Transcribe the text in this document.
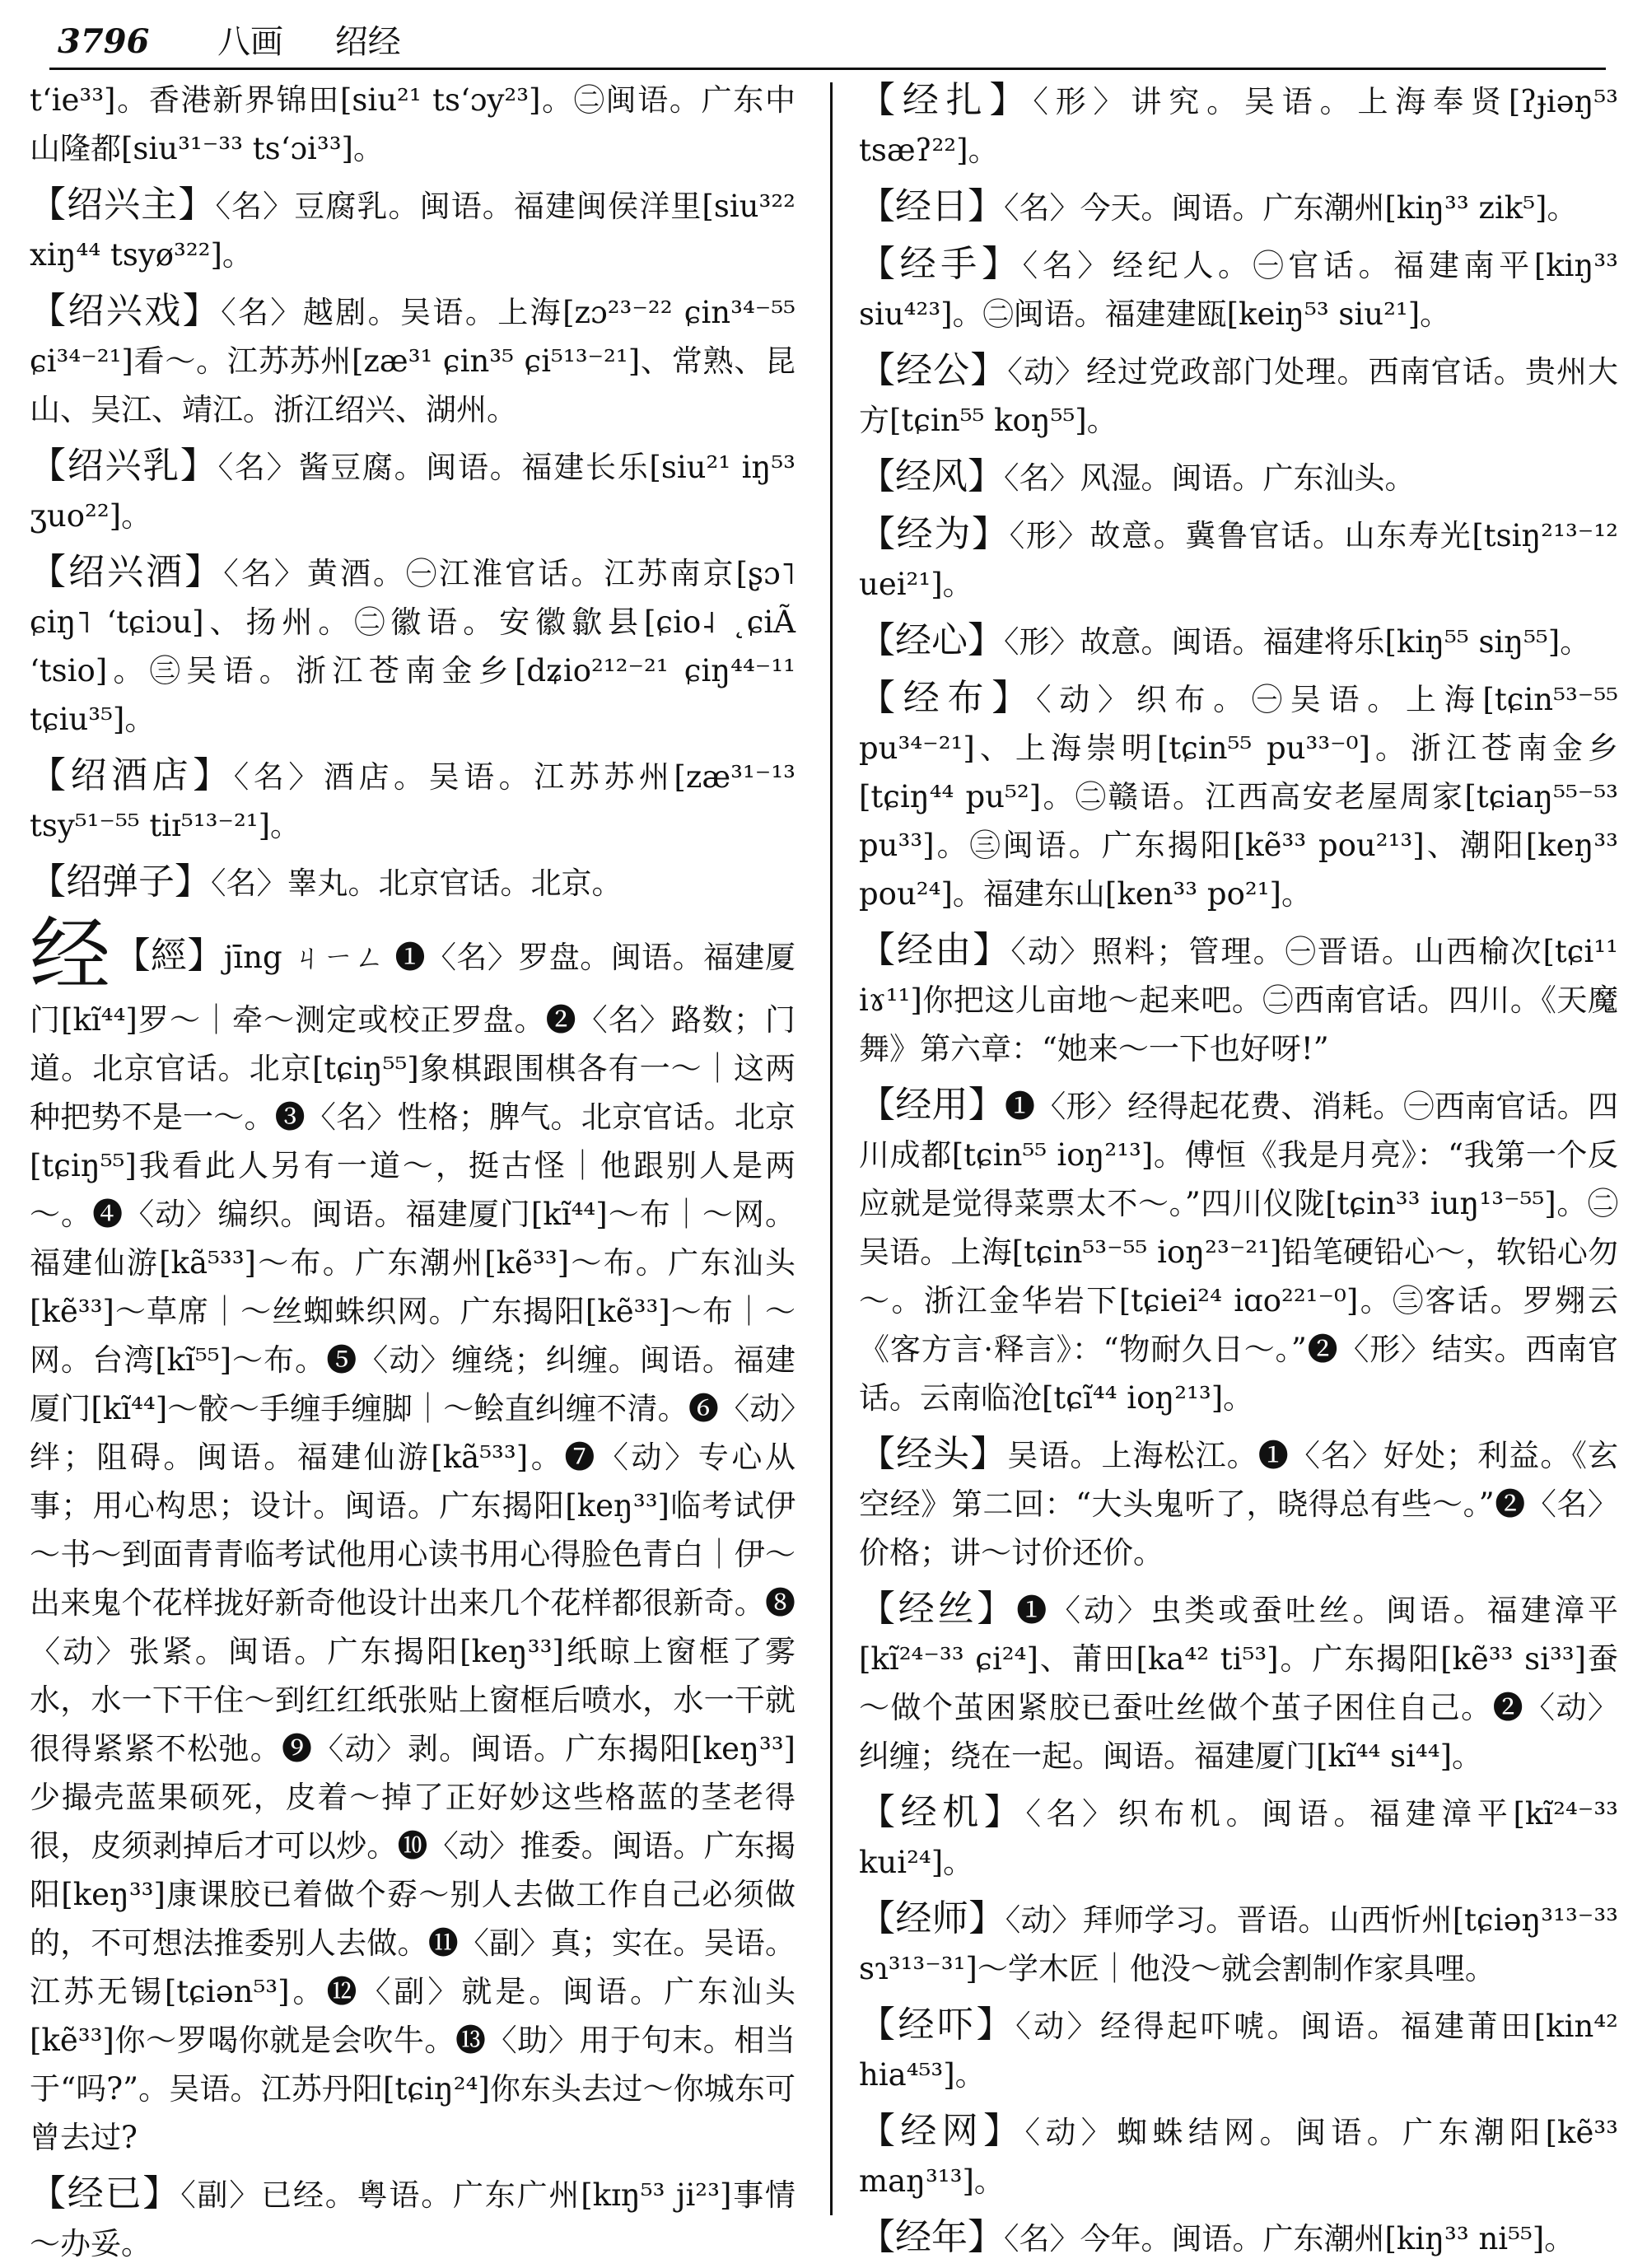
3796 八画 绍经
tʻie³³]。香港新界锦田[siu²¹ tsʻɔy²³]。㊁闽语。广东中山隆都[siu³¹⁻³³ tsʻɔi³³]。
【绍兴主】〈名〉豆腐乳。闽语。福建闽侯洋里[siu³²² xiŋ⁴⁴ tsyø³²²]。
【绍兴戏】〈名〉越剧。吴语。上海[zɔ²³⁻²² ɕin³⁴⁻⁵⁵ ɕi³⁴⁻²¹]看～。江苏苏州[zæ³¹ ɕin³⁵ ɕi⁵¹³⁻²¹]、常熟、昆山、吴江、靖江。浙江绍兴、湖州。
【绍兴乳】〈名〉酱豆腐。闽语。福建长乐[siu²¹ iŋ⁵³ ʒuo²²]。
【绍兴酒】〈名〉黄酒。㊀江淮官话。江苏南京[ʂɔ˥ ɕiŋ˥ ʻtɕiɔu]、扬州。㊁徽语。安徽歙县[ɕio˨ ˛ɕiÃ ʻtsio]。㊂吴语。浙江苍南金乡[dʑio²¹²⁻²¹ ɕiŋ⁴⁴⁻¹¹ tɕiu³⁵]。
【绍酒店】〈名〉酒店。吴语。江苏苏州[zæ³¹⁻¹³ tsy⁵¹⁻⁵⁵ tiɪ⁵¹³⁻²¹]。
【绍弹子】〈名〉睾丸。北京官话。北京。
经【經】jīng ㄐㄧㄥ ❶〈名〉罗盘。闽语。福建厦门[kĩ⁴⁴]罗～｜牵～测定或校正罗盘。❷〈名〉路数；门道。北京官话。北京[tɕiŋ⁵⁵]象棋跟围棋各有一～｜这两种把势不是一～。❸〈名〉性格；脾气。北京官话。北京[tɕiŋ⁵⁵]我看此人另有一道～，挺古怪｜他跟别人是两～。❹〈动〉编织。闽语。福建厦门[kĩ⁴⁴]～布｜～网。福建仙游[kã⁵³³]～布。广东潮州[kẽ³³]～布。广东汕头[kẽ³³]～草席｜～丝蜘蛛织网。广东揭阳[kẽ³³]～布｜～网。台湾[kĩ⁵⁵]～布。❺〈动〉缠绕；纠缠。闽语。福建厦门[kĩ⁴⁴]～骹～手缠手缠脚｜～鲙直纠缠不清。❻〈动〉绊；阻碍。闽语。福建仙游[kã⁵³³]。❼〈动〉专心从事；用心构思；设计。闽语。广东揭阳[keŋ³³]临考试伊～书～到面青青临考试他用心读书用心得脸色青白｜伊～出来鬼个花样拢好新奇他设计出来几个花样都很新奇。❽〈动〉张紧。闽语。广东揭阳[keŋ³³]纸晾上窗框了雾水，水一下干住～到红红纸张贴上窗框后喷水，水一干就很得紧紧不松弛。❾〈动〉剥。闽语。广东揭阳[keŋ³³]少撮壳蓝果硕死，皮着～掉了正好妙这些格蓝的茎老得很，皮须剥掉后才可以炒。❿〈动〉推委。闽语。广东揭阳[keŋ³³]康课胶已着做个孬～别人去做工作自己必须做的，不可想法推委别人去做。⓫〈副〉真；实在。吴语。江苏无锡[tɕiən⁵³]。⓬〈副〉就是。闽语。广东汕头[kẽ³³]你～罗喝你就是会吹牛。⓭〈助〉用于句末。相当于“吗?”。吴语。江苏丹阳[tɕiŋ²⁴]你东头去过～你城东可曾去过?
【经已】〈副〉已经。粤语。广东广州[kɪŋ⁵³ ji²³]事情～办妥。
【经扎】〈形〉讲究。吴语。上海奉贤[ʔɟiəŋ⁵³ tsæʔ²²]。
【经日】〈名〉今天。闽语。广东潮州[kiŋ³³ zik⁵]。
【经手】〈名〉经纪人。㊀官话。福建南平[kiŋ³³ siu⁴²³]。㊁闽语。福建建瓯[keiŋ⁵³ siu²¹]。
【经公】〈动〉经过党政部门处理。西南官话。贵州大方[tɕin⁵⁵ koŋ⁵⁵]。
【经风】〈名〉风湿。闽语。广东汕头。
【经为】〈形〉故意。冀鲁官话。山东寿光[tsiŋ²¹³⁻¹² uei²¹]。
【经心】〈形〉故意。闽语。福建将乐[kiŋ⁵⁵ siŋ⁵⁵]。
【经布】〈动〉织布。㊀吴语。上海[tɕin⁵³⁻⁵⁵ pu³⁴⁻²¹]、上海崇明[tɕin⁵⁵ pu³³⁻⁰]。浙江苍南金乡[tɕiŋ⁴⁴ pu⁵²]。㊁赣语。江西高安老屋周家[tɕiaŋ⁵⁵⁻⁵³ pu³³]。㊂闽语。广东揭阳[kẽ³³ pou²¹³]、潮阳[keŋ³³ pou²⁴]。福建东山[ken³³ po²¹]。
【经由】〈动〉照料；管理。㊀晋语。山西榆次[tɕi¹¹ iɤ¹¹]你把这儿亩地～起来吧。㊁西南官话。四川。《天魔舞》第六章：“她来～一下也好呀!”
【经用】❶〈形〉经得起花费、消耗。㊀西南官话。四川成都[tɕin⁵⁵ ioŋ²¹³]。傅恒《我是月亮》：“我第一个反应就是觉得菜票太不～。”四川仪陇[tɕin³³ iuŋ¹³⁻⁵⁵]。㊁吴语。上海[tɕin⁵³⁻⁵⁵ ioŋ²³⁻²¹]铅笔硬铅心～，软铅心勿～。浙江金华岩下[tɕiei²⁴ iɑo²²¹⁻⁰]。㊂客话。罗翙云《客方言·释言》：“物耐久日～。”❷〈形〉结实。西南官话。云南临沧[tɕĩ⁴⁴ ioŋ²¹³]。
【经头】吴语。上海松江。❶〈名〉好处；利益。《玄空经》第二回：“大头鬼听了，晓得总有些～。”❷〈名〉价格；讲～讨价还价。
【经丝】❶〈动〉虫类或蚕吐丝。闽语。福建漳平[kĩ²⁴⁻³³ ɕi²⁴]、莆田[ka⁴² ti⁵³]。广东揭阳[kẽ³³ si³³]蚕～做个茧困紧胶已蚕吐丝做个茧子困住自己。❷〈动〉纠缠；绕在一起。闽语。福建厦门[kĩ⁴⁴ si⁴⁴]。
【经机】〈名〉织布机。闽语。福建漳平[kĩ²⁴⁻³³ kui²⁴]。
【经师】〈动〉拜师学习。晋语。山西忻州[tɕiəŋ³¹³⁻³³ sɿ³¹³⁻³¹]～学木匠｜他没～就会割制作家具哩。
【经吓】〈动〉经得起吓唬。闽语。福建莆田[kin⁴² hia⁴⁵³]。
【经网】〈动〉蜘蛛结网。闽语。广东潮阳[kẽ³³ maŋ³¹³]。
【经年】〈名〉今年。闽语。广东潮州[kiŋ³³ ni⁵⁵]。
